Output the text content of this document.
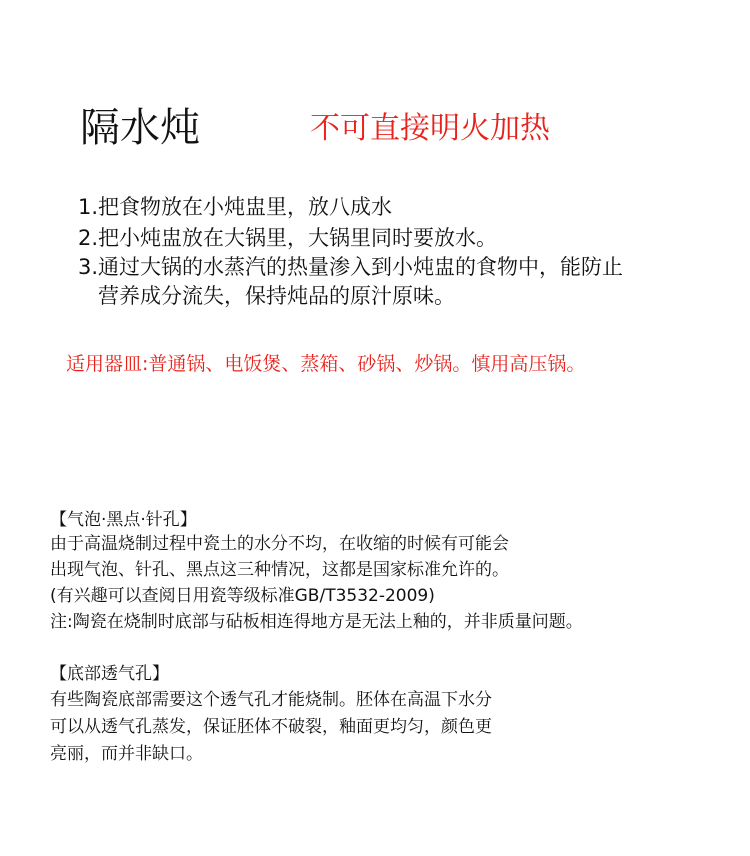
隔水炖	不可直接明火加热
1.把食物放在小炖盅里，放八成水
2.把小炖盅放在大锅里，大锅里同时要放水。
3.通过大锅的水蒸汽的热量渗入到小炖盅的食物中，能防止
营养成分流失，保持炖品的原汁原味。
适用器皿:普通锅、电饭煲、蒸箱、砂锅、炒锅。慎用高压锅。
【气泡·黑点·针孔】
由于高温烧制过程中瓷土的水分不均，在收缩的时候有可能会
出现气泡、针孔、黑点这三种情况，这都是国家标准允许的。
(有兴趣可以查阅日用瓷等级标准GB/T3532-2009)
注:陶瓷在烧制时底部与砧板相连得地方是无法上釉的，并非质量问题。
【底部透气孔】
有些陶瓷底部需要这个透气孔才能烧制。胚体在高温下水分
可以从透气孔蒸发，保证胚体不破裂，釉面更均匀，颜色更
亮丽，而并非缺口。
